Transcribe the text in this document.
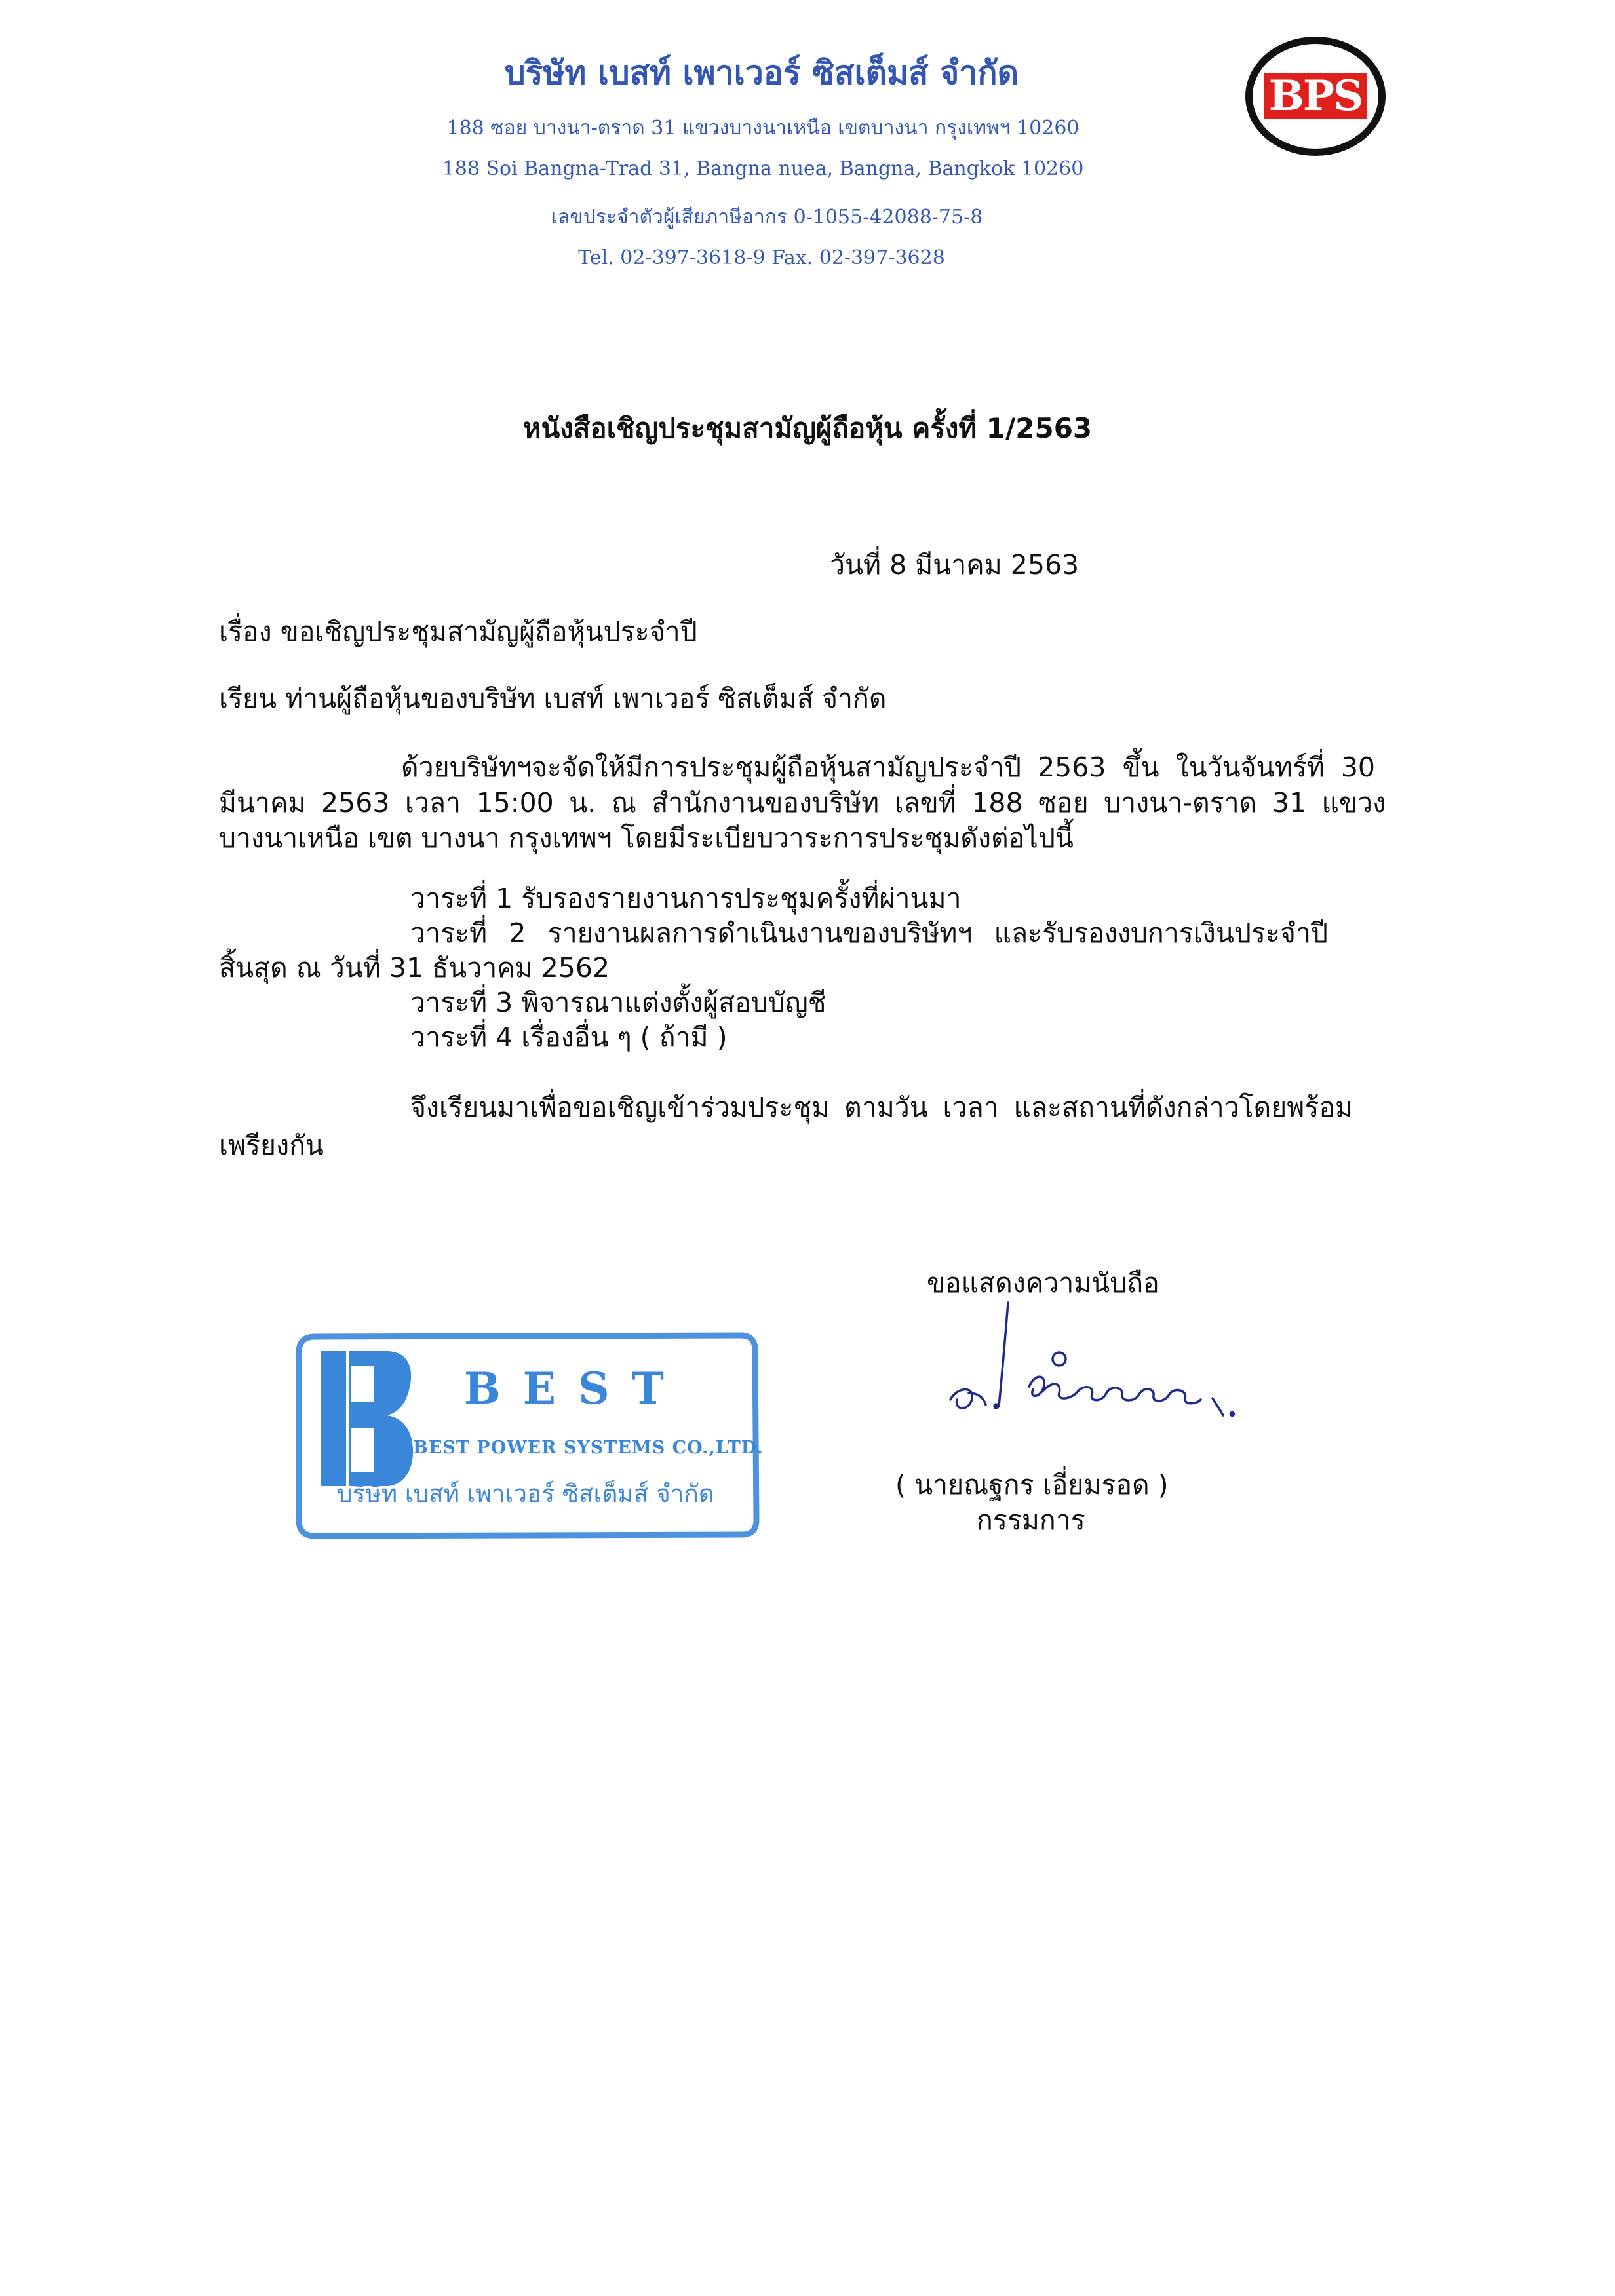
บริษัท เบสท์ เพาเวอร์ ซิสเต็มส์ จำกัด
188 ซอย บางนา-ตราด 31 แขวงบางนาเหนือ เขตบางนา กรุงเทพฯ 10260
188 Soi Bangna-Trad 31, Bangna nuea, Bangna, Bangkok 10260
เลขประจำตัวผู้เสียภาษีอากร 0-1055-42088-75-8
Tel. 02-397-3618-9 Fax. 02-397-3628
BPS
หนังสือเชิญประชุมสามัญผู้ถือหุ้น ครั้งที่ 1/2563
วันที่ 8 มีนาคม 2563
เรื่อง ขอเชิญประชุมสามัญผู้ถือหุ้นประจำปี
เรียน ท่านผู้ถือหุ้นของบริษัท เบสท์ เพาเวอร์ ซิสเต็มส์ จำกัด
ด้วยบริษัทฯจะจัดให้มีการประชุมผู้ถือหุ้นสามัญประจำปี 2563 ขึ้น ในวันจันทร์ที่ 30
มีนาคม 2563 เวลา 15:00 น. ณ สำนักงานของบริษัท เลขที่ 188 ซอย บางนา-ตราด 31 แขวง
บางนาเหนือ เขต บางนา กรุงเทพฯ โดยมีระเบียบวาระการประชุมดังต่อไปนี้
วาระที่ 1 รับรองรายงานการประชุมครั้งที่ผ่านมา
วาระที่ 2 รายงานผลการดำเนินงานของบริษัทฯ และรับรองงบการเงินประจำปี
สิ้นสุด ณ วันที่ 31 ธันวาคม 2562
วาระที่ 3 พิจารณาแต่งตั้งผู้สอบบัญชี
วาระที่ 4 เรื่องอื่น ๆ ( ถ้ามี )
จึงเรียนมาเพื่อขอเชิญเข้าร่วมประชุม ตามวัน เวลา และสถานที่ดังกล่าวโดยพร้อม
เพรียงกัน
ขอแสดงความนับถือ
( นายณฐกร เอี่ยมรอด )
กรรมการ
BEST
BEST POWER SYSTEMS CO.,LTD.
บริษัท เบสท์ เพาเวอร์ ซิสเต็มส์ จำกัด
